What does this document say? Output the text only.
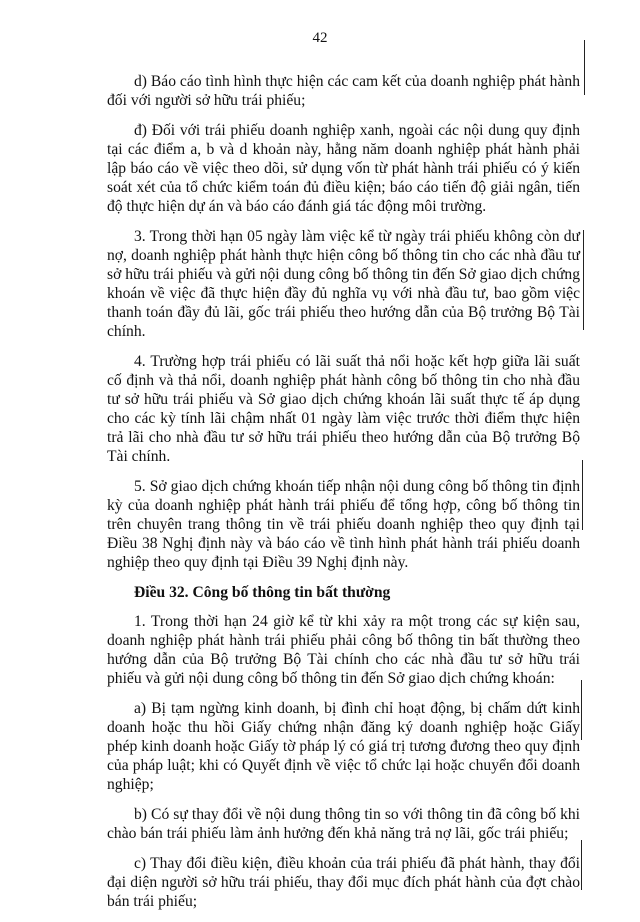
42

d) Báo cáo tình hình thực hiện các cam kết của doanh nghiệp phát hành đối với người sở hữu trái phiếu;

đ) Đối với trái phiếu doanh nghiệp xanh, ngoài các nội dung quy định tại các điểm a, b và d khoản này, hằng năm doanh nghiệp phát hành phải lập báo cáo về việc theo dõi, sử dụng vốn từ phát hành trái phiếu có ý kiến soát xét của tổ chức kiểm toán đủ điều kiện; báo cáo tiến độ giải ngân, tiến độ thực hiện dự án và báo cáo đánh giá tác động môi trường.

3. Trong thời hạn 05 ngày làm việc kể từ ngày trái phiếu không còn dư nợ, doanh nghiệp phát hành thực hiện công bố thông tin cho các nhà đầu tư sở hữu trái phiếu và gửi nội dung công bố thông tin đến Sở giao dịch chứng khoán về việc đã thực hiện đầy đủ nghĩa vụ với nhà đầu tư, bao gồm việc thanh toán đầy đủ lãi, gốc trái phiếu theo hướng dẫn của Bộ trưởng Bộ Tài chính.

4. Trường hợp trái phiếu có lãi suất thả nổi hoặc kết hợp giữa lãi suất cố định và thả nổi, doanh nghiệp phát hành công bố thông tin cho nhà đầu tư sở hữu trái phiếu và Sở giao dịch chứng khoán lãi suất thực tế áp dụng cho các kỳ tính lãi chậm nhất 01 ngày làm việc trước thời điểm thực hiện trả lãi cho nhà đầu tư sở hữu trái phiếu theo hướng dẫn của Bộ trưởng Bộ Tài chính.

5. Sở giao dịch chứng khoán tiếp nhận nội dung công bố thông tin định kỳ của doanh nghiệp phát hành trái phiếu để tổng hợp, công bố thông tin trên chuyên trang thông tin về trái phiếu doanh nghiệp theo quy định tại Điều 38 Nghị định này và báo cáo về tình hình phát hành trái phiếu doanh nghiệp theo quy định tại Điều 39 Nghị định này.

Điều 32. Công bố thông tin bất thường

1. Trong thời hạn 24 giờ kể từ khi xảy ra một trong các sự kiện sau, doanh nghiệp phát hành trái phiếu phải công bố thông tin bất thường theo hướng dẫn của Bộ trưởng Bộ Tài chính cho các nhà đầu tư sở hữu trái phiếu và gửi nội dung công bố thông tin đến Sở giao dịch chứng khoán:

a) Bị tạm ngừng kinh doanh, bị đình chỉ hoạt động, bị chấm dứt kinh doanh hoặc thu hồi Giấy chứng nhận đăng ký doanh nghiệp hoặc Giấy phép kinh doanh hoặc Giấy tờ pháp lý có giá trị tương đương theo quy định của pháp luật; khi có Quyết định về việc tổ chức lại hoặc chuyển đổi doanh nghiệp;

b) Có sự thay đổi về nội dung thông tin so với thông tin đã công bố khi chào bán trái phiếu làm ảnh hưởng đến khả năng trả nợ lãi, gốc trái phiếu;

c) Thay đổi điều kiện, điều khoản của trái phiếu đã phát hành, thay đổi đại diện người sở hữu trái phiếu, thay đổi mục đích phát hành của đợt chào bán trái phiếu;
